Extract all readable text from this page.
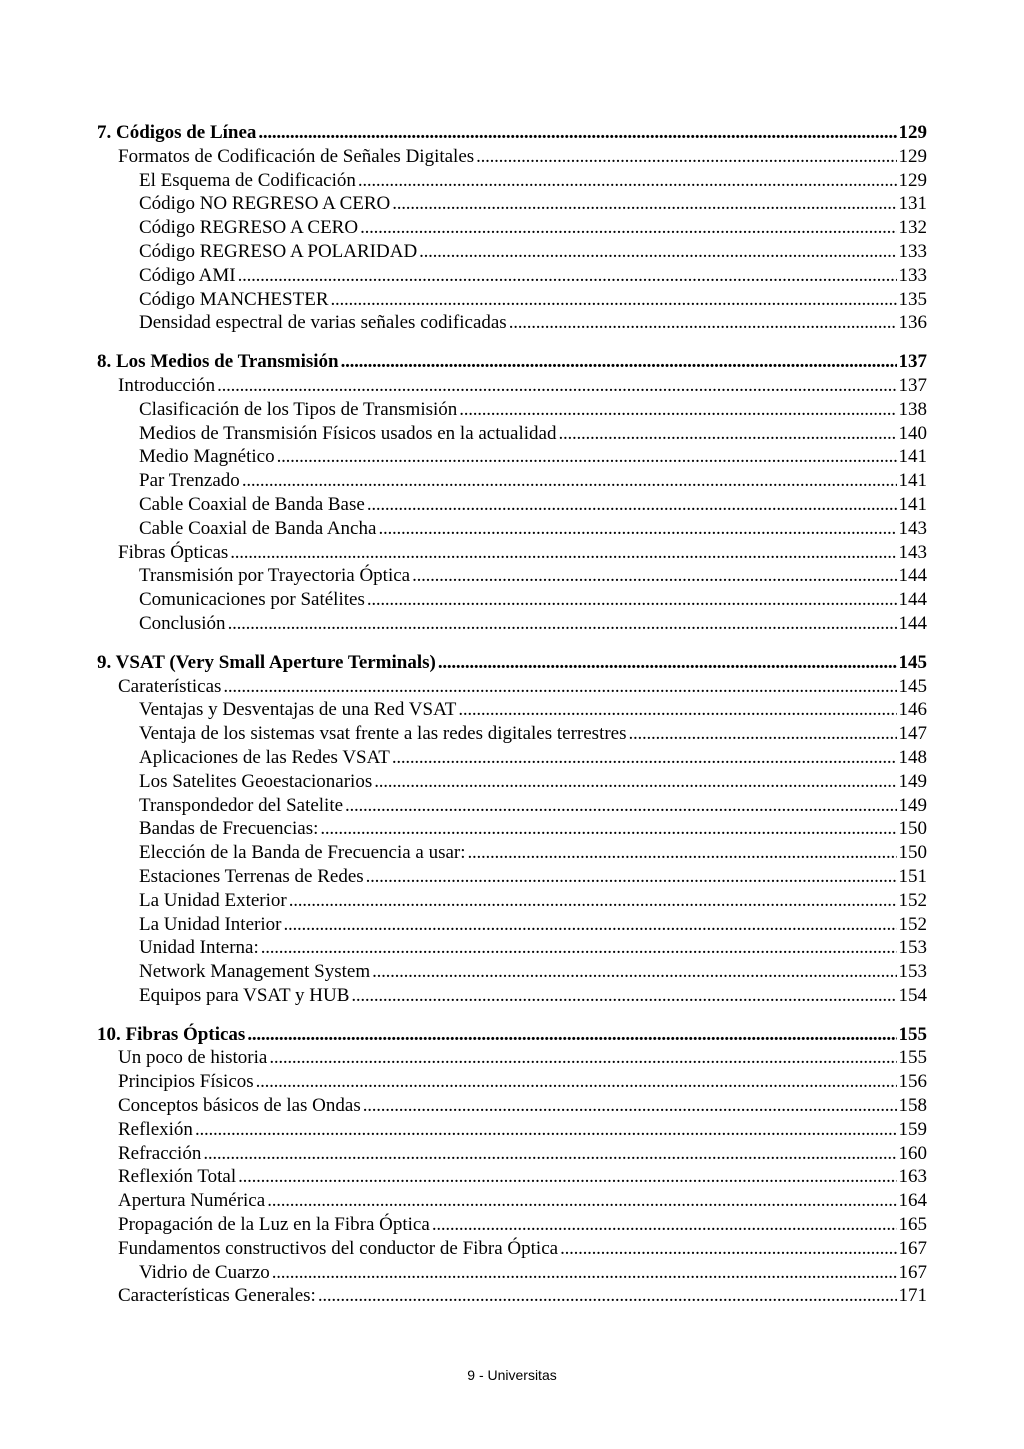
7. Códigos de Línea . . .	129
Formatos de Codificación de Señales Digitales . . .	129
El Esquema de Codificación . . .	129
Código NO REGRESO A CERO . . .	131
Código REGRESO A CERO . . .	132
Código REGRESO A POLARIDAD . . .	133
Código AMI . . .	133
Código MANCHESTER . . .	135
Densidad espectral de varias señales codificadas . . .	136
8. Los Medios de Transmisión . . .	137
Introducción . . .	137
Clasificación de los Tipos de Transmisión . . .	138
Medios de Transmisión Físicos usados en la actualidad . . .	140
Medio Magnético . . .	141
Par Trenzado . . .	141
Cable Coaxial de Banda Base . . .	141
Cable Coaxial de Banda Ancha . . .	143
Fibras Ópticas . . .	143
Transmisión por Trayectoria Óptica . . .	144
Comunicaciones por Satélites . . .	144
Conclusión . . .	144
9. VSAT (Very Small Aperture Terminals) . . .	145
Caraterísticas . . .	145
Ventajas y Desventajas de una Red VSAT . . .	146
Ventaja de los sistemas vsat frente a las redes digitales terrestres . . .	147
Aplicaciones de las Redes VSAT . . .	148
Los Satelites Geoestacionarios . . .	149
Transpondedor del Satelite . . .	149
Bandas de Frecuencias: . . .	150
Elección de la Banda de Frecuencia a usar: . . .	150
Estaciones Terrenas de Redes . . .	151
La Unidad Exterior . . .	152
La Unidad Interior . . .	152
Unidad Interna: . . .	153
Network Management System . . .	153
Equipos para VSAT y HUB . . .	154
10. Fibras Ópticas . . .	155
Un poco de historia . . .	155
Principios Físicos . . .	156
Conceptos básicos de las Ondas . . .	158
Reflexión . . .	159
Refracción . . .	160
Reflexión Total . . .	163
Apertura Numérica . . .	164
Propagación de la Luz en la Fibra Óptica . . .	165
Fundamentos constructivos del conductor de Fibra Óptica . . .	167
Vidrio de Cuarzo . . .	167
Características Generales: . . .	171
9 - Universitas
